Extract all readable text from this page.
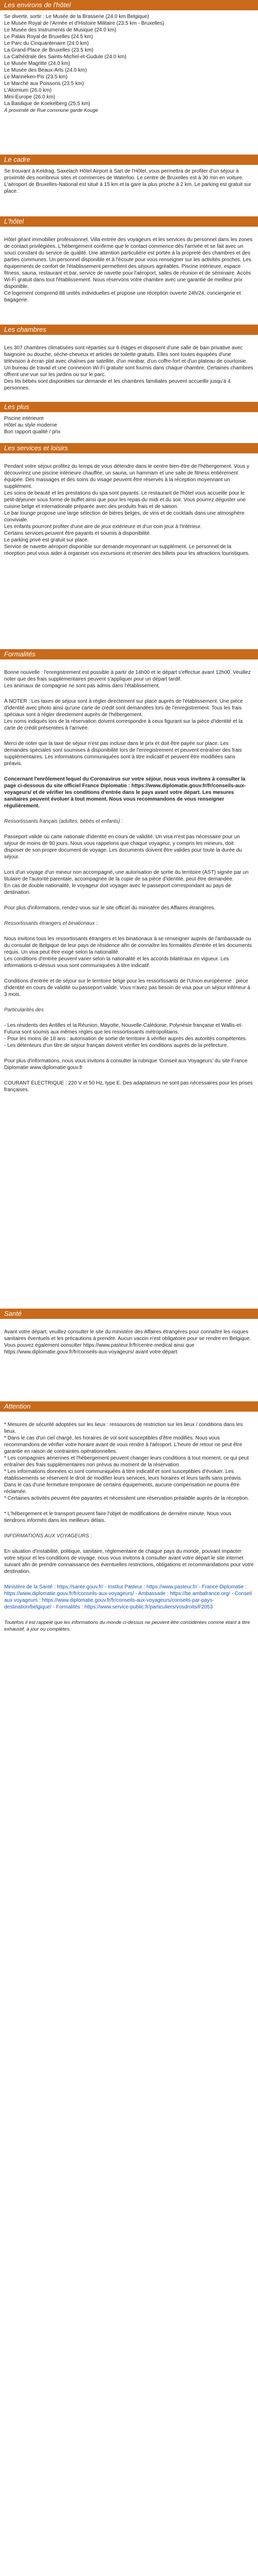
Les environs de l'hôtel
Se divertir, sortir : Le Musée de la Brasserie (24.0 km Belgique)
Le Musée Royal de l'Armée et d'Histoire Militaire (23.5 km - Bruxelles)
Le Musée des Instruments de Musique (24.0 km)
Le Palais Royal de Bruxelles (24.5 km)
Le Parc du Cinquantenaire (24.0 km)
La Grand-Place de Bruxelles (23.5 km)
La Cathédrale des Saints-Michel-et-Gudule (24.0 km)
Le Musée Magritte (24.0 km)
Le Musée des Beaux-Arts (24.0 km)
Le Manneken-Pis (23.5 km)
Le Marché aux Poissons (23.5 km)
L'Atomium (26.0 km)
Mini-Europe (26.0 km)
La Basilique de Koekelberg (25.5 km)

À proximité de Rue commune garde Kouge

Le cadre

Se trouvant à Keldrag, Saxelach Hôtel Airport à Sart de l'Hôtel, vous permettra de profiter d'un séjour à proximité des nombreux sites et commerces de Waterloo. Le centre de Bruxelles est à 30 min en voiture. L'aéroport de Bruxelles-National est situé à 15 km et la gare la plus proche à 2 km. Le parking est gratuit sur place.

L'hôtel

Hôtel géant immobilier professionnel. Villa entrée des voyageurs et les services du personnel dans les zones de contact privilégiées. L'hébergement confirme que le contact commence dès l'arrivée et se fait avec un souci constant du service de qualité. Une attention particulière est portée à la propreté des chambres et des parties communes. Un personnel disponible et à l'écoute pour vous renseigner sur les activités proches. Les équipements de confort de l'établissement permettent des séjours agréables. Piscine intérieure, espace fitness, sauna, restaurant et bar, service de navette pour l'aéroport, salles de réunion et de séminaire. Accès Wi-Fi gratuit dans tout l'établissement. Nous réservons votre chambre avec une garantie de meilleur prix disponible.
Ce logement comprend 88 unités individuelles et propose une réception ouverte 24h/24, conciergerie et bagagerie.

Les chambres

Les 307 chambres climatisées sont réparties sur 6 étages et disposent d'une salle de bain privative avec baignoire ou douche, sèche-cheveux et articles de toilette gratuits. Elles sont toutes équipées d'une télévision à écran plat avec chaînes par satellite, d'un minibar, d'un coffre-fort et d'un plateau de courtoisie. Un bureau de travail et une connexion Wi-Fi gratuite sont fournis dans chaque chambre. Certaines chambres offrent une vue sur les jardins ou sur le parc.
Des lits bébés sont disponibles sur demande et les chambres familiales peuvent accueillir jusqu'à 4 personnes.

Les plus
Piscine intérieure
Hôtel au style moderne
Bon rapport qualité / prix
Les services et loisirs

Pendant votre séjour profitez du temps de vous détendre dans le centre bien-être de l'hébergement. Vous y découvrirez une piscine intérieure chauffée, un sauna, un hammam et une salle de fitness entièrement équipée. Des massages et des soins du visage peuvent être réservés à la réception moyennant un supplément.
Les soins de beauté et les prestations du spa sont payants. Le restaurant de l'hôtel vous accueille pour le petit-déjeuner sous forme de buffet ainsi que pour les repas du midi et du soir. Vous pourrez déguster une cuisine belge et internationale préparée avec des produits frais et de saison.
Le bar lounge propose une large sélection de bières belges, de vins et de cocktails dans une atmosphère conviviale.
Les enfants pourront profiter d'une aire de jeux extérieure et d'un coin jeux à l'intérieur.
Certains services peuvent être payants et soumis à disponibilité.
Le parking privé est gratuit sur place.
Service de navette aéroport disponible sur demande moyennant un supplément. Le personnel de la réception peut vous aider à organiser vos excursions et réserver des billets pour les attractions touristiques.

Formalités

Bonne nouvelle : l'enregistrement est possible à partir de 14h00 et le départ s'effectue avant 12h00. Veuillez noter que des frais supplémentaires peuvent s'appliquer pour un départ tardif.
Les animaux de compagnie ne sont pas admis dans l'établissement.

À NOTER : Les taxes de séjour sont à régler directement sur place auprès de l'établissement. Une pièce d'identité avec photo ainsi qu'une carte de crédit sont demandées lors de l'enregistrement. Tous les frais spéciaux sont à régler directement auprès de l'hébergement.
Les noms indiqués lors de la réservation doivent correspondre à ceux figurant sur la pièce d'identité et la carte de crédit présentées à l'arrivée.

Merci de noter que la taxe de séjour n'est pas incluse dans le prix et doit être payée sur place. Les demandes spéciales sont soumises à disponibilité lors de l'enregistrement et peuvent entraîner des frais supplémentaires. Les informations communiquées sont à titre indicatif et peuvent être modifiées sans préavis.

Concernant l'enrôlement lequel du Coronavirus sur votre séjour, nous vous invitons à consulter la page ci-dessous du site officiel France Diplomatie : https://www.diplomatie.gouv.fr/fr/conseils-aux-voyageurs/ et de vérifier les conditions d'entrée dans le pays avant votre départ. Les mesures sanitaires peuvent évoluer à tout moment. Nous vous recommandons de vous renseigner régulièrement.

Ressortissants français (adultes, bébés et enfants) :

Passeport valide ou carte nationale d'identité en cours de validité. Un visa n'est pas nécessaire pour un séjour de moins de 90 jours. Nous vous rappelons que chaque voyageur, y compris les mineurs, doit disposer de son propre document de voyage. Les documents doivent être valides pour toute la durée du séjour.

Lors d'un voyage d'un mineur non accompagné, une autorisation de sortie du territoire (AST) signée par un titulaire de l'autorité parentale, accompagnée de la copie de sa pièce d'identité, peut être demandée.
En cas de double nationalité, le voyageur doit voyager avec le passeport correspondant au pays de destination.

Pour plus d'informations, rendez-vous sur le site officiel du ministère des Affaires étrangères.

Ressortissants étrangers et binationaux :

Nous invitons tous les ressortissants étrangers et les binationaux à se renseigner auprès de l'ambassade ou du consulat de Belgique de leur pays de résidence afin de connaître les formalités d'entrée et les documents requis. Un visa peut être exigé selon la nationalité.
Les conditions d'entrée peuvent varier selon la nationalité et les accords bilatéraux en vigueur. Les informations ci-dessus vous sont communiquées à titre indicatif.

Conditions d'entrée et de séjour sur le territoire belge pour les ressortissants de l'Union européenne : pièce d'identité en cours de validité ou passeport valide. Vous n'avez pas besoin de visa pour un séjour inférieur à 3 mois.

Particularités des

- Les résidents des Antilles et la Réunion, Mayotte, Nouvelle-Calédonie, Polynésie française et Wallis-et-Futuna sont soumis aux mêmes règles que les ressortissants métropolitains.
- Pour les moins de 18 ans : autorisation de sortie de territoire à vérifier auprès des autorités compétentes.
- Les détenteurs d'un titre de séjour français doivent vérifier les conditions auprès de la préfecture.

Pour plus d'informations, nous vous invitons à consulter la rubrique 'Conseil aux Voyageurs' du site France Diplomatie www.diplomatie.gouv.fr

COURANT ÉLECTRIQUE : 220 V et 50 Hz, type E. Des adaptateurs ne sont pas nécessaires pour les prises françaises.

Santé

Avant votre départ, veuillez consulter le site du ministère des Affaires étrangères pour connaître les risques sanitaires éventuels et les précautions à prendre. Aucun vaccin n'est obligatoire pour se rendre en Belgique.
Vous pouvez également consulter https://www.pasteur.fr/fr/centre-medical ainsi que https://www.diplomatie.gouv.fr/fr/conseils-aux-voyageurs/ avant votre départ.

Attention

* Mesures de sécurité adoptées sur les lieux : ressources de restriction sur les lieux / conditions dans les lieux.
* Dans le cas d'un ciel chargé, les horaires de vol sont susceptibles d'être modifiés. Nous vous recommandons de vérifier votre horaire avant de vous rendre à l'aéroport. L'heure de retour ne peut être garantie en raison de contraintes opérationnelles.
* Les compagnies aériennes et l'hébergement peuvent changer leurs conditions à tout moment, ce qui peut entraîner des frais supplémentaires non prévus au moment de la réservation.
* Les informations données ici sont communiquées à titre indicatif et sont susceptibles d'évoluer. Les établissements se réservent le droit de modifier leurs services, leurs horaires et leurs tarifs sans préavis. Dans le cas d'une fermeture temporaire de certains équipements, aucune compensation ne pourra être réclamée.
* Certaines activités peuvent être payantes et nécessitent une réservation préalable auprès de la réception.

* L'hébergement et le transport peuvent faire l'objet de modifications de dernière minute. Nous vous tiendrons informés dans les meilleurs délais.

INFORMATIONS AUX VOYAGEURS :

En situation d'instabilité, politique, sanitaire, réglementaire de chaque pays du monde, pouvant impacter votre séjour et les conditions de voyage, nous vous invitons à consulter avant votre départ le site internet suivant afin de prendre connaissance des éventuelles restrictions, obligations et recommandations pour votre destination.

Ministère de la Santé : https://sante.gouv.fr/ - Institut Pasteur : https://www.pasteur.fr/ - France Diplomatie : https://www.diplomatie.gouv.fr/fr/conseils-aux-voyageurs/ - Ambassade : https://be.ambafrance.org/ - Conseil aux voyageurs : https://www.diplomatie.gouv.fr/fr/conseils-aux-voyageurs/conseils-par-pays-destination/belgique/ - Formalités : https://www.service-public.fr/particuliers/vosdroits/F2053

Toutefois il est rappelé que les informations du monde ci-dessus ne peuvent être considérées comme étant à titre exhaustif, à jour ou complètes.
